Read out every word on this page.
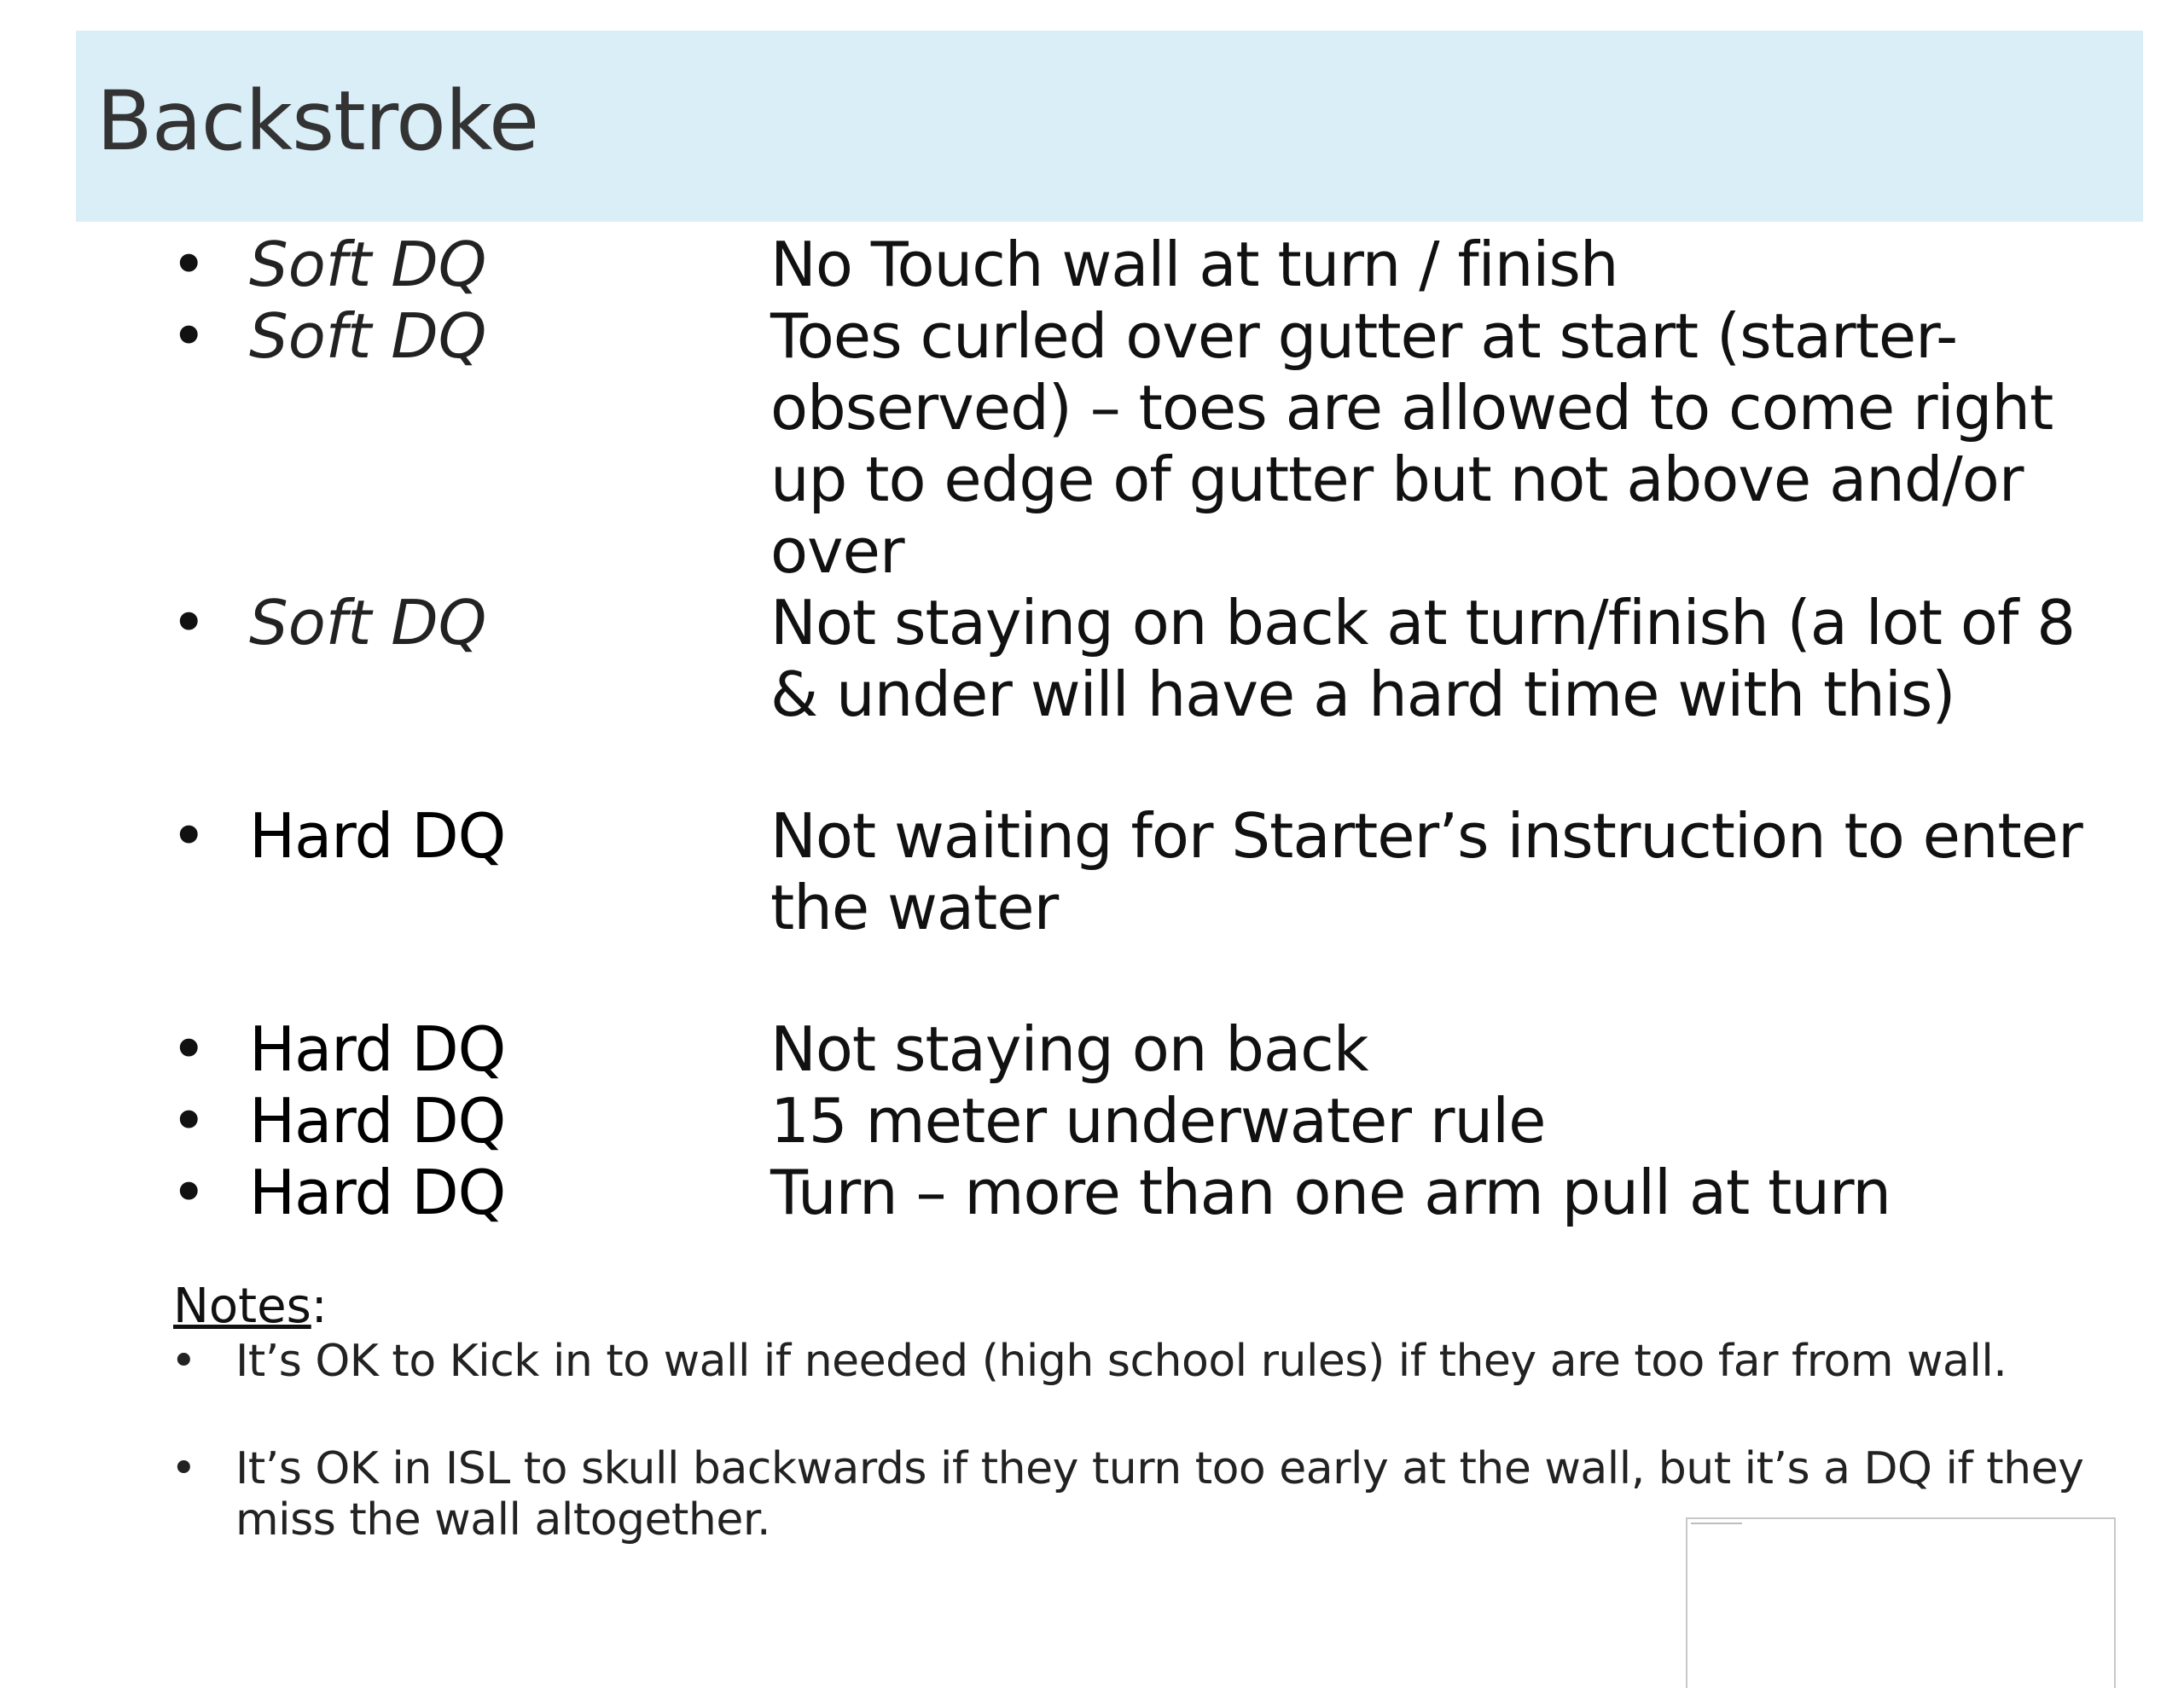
Backstroke
• Soft DQ	No Touch wall at turn / finish
• Soft DQ	Toes curled over gutter at start (starter-observed) – toes are allowed to come right up to edge of gutter but not above and/or over
• Soft DQ	Not staying on back at turn/finish (a lot of 8 & under will have a hard time with this)
• Hard DQ	Not waiting for Starter’s instruction to enter the water
• Hard DQ	Not staying on back
• Hard DQ	15 meter underwater rule
• Hard DQ	Turn – more than one arm pull at turn
Notes:
• It’s OK to Kick in to wall if needed (high school rules) if they are too far from wall.
• It’s OK in ISL to skull backwards if they turn too early at the wall, but it’s a DQ if they miss the wall altogether.
